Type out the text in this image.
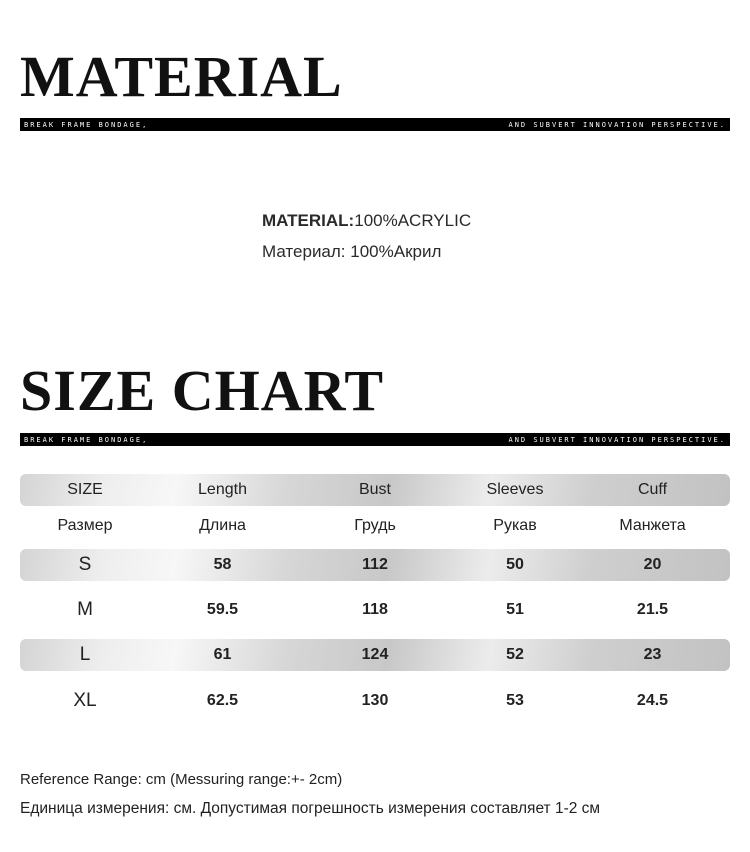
MATERIAL
BREAK FRAME BONDAGE,	AND SUBVERT INNOVATION PERSPECTIVE.
MATERIAL:100%ACRYLIC
Материал: 100%Акрил
SIZE CHART
BREAK FRAME BONDAGE,	AND SUBVERT INNOVATION PERSPECTIVE.
SIZE	Length	Bust	Sleeves	Cuff
Размер	Длина	Грудь	Рукав	Манжета
S	58	112	50	20
M	59.5	118	51	21.5
L	61	124	52	23
XL	62.5	130	53	24.5
Reference Range: cm (Messuring range:+- 2cm)
Единица измерения: см. Допустимая погрешность измерения составляет 1-2 см
